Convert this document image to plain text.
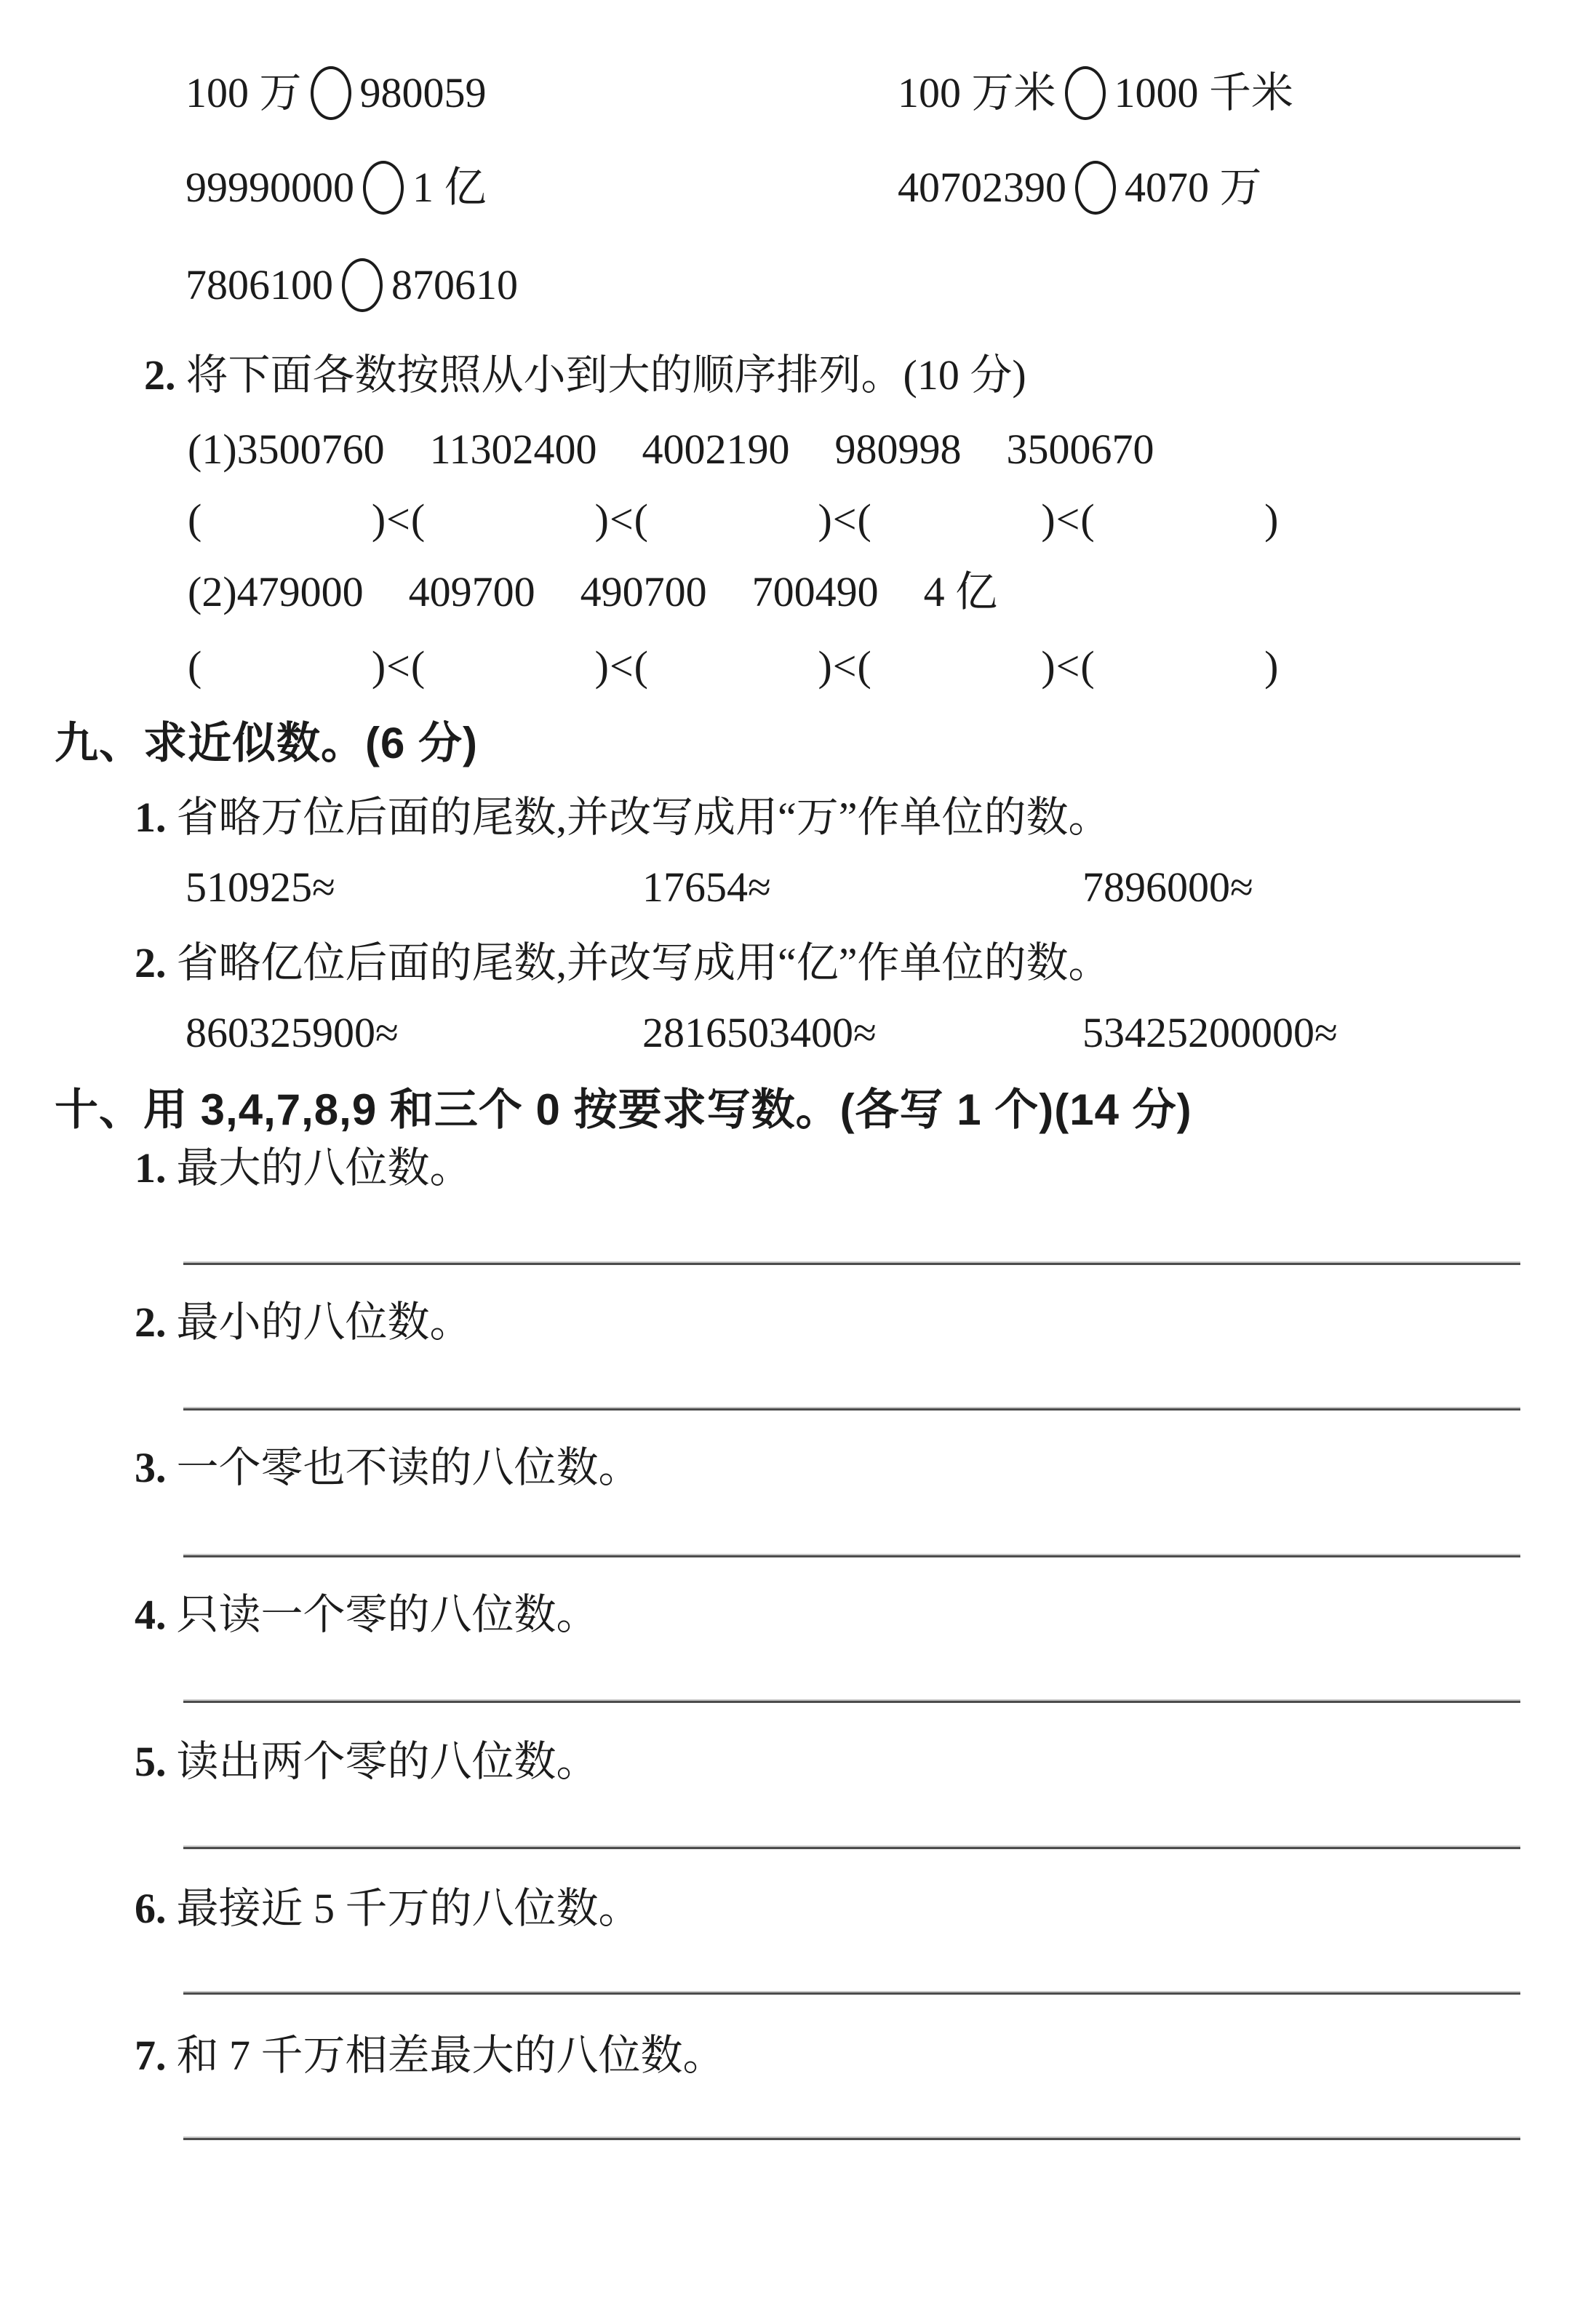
100 万 980059	100 万米 1000 千米
99990000 1 亿	40702390 4070 万
7806100 870610
2. 将下面各数按照从小到大的顺序排列。(10 分)
(1)3500760 11302400 4002190 980998 3500670
(               )<(               )<(               )<(               )<(               )
(2)479000 409700 490700 700490 4 亿
(               )<(               )<(               )<(               )<(               )
九、求近似数。(6 分)
1. 省略万位后面的尾数,并改写成用“万”作单位的数。
510925≈	17654≈	7896000≈
2. 省略亿位后面的尾数,并改写成用“亿”作单位的数。
860325900≈	2816503400≈	53425200000≈
十、用 3,4,7,8,9 和三个 0 按要求写数。(各写 1 个)(14 分)
1. 最大的八位数。
2. 最小的八位数。
3. 一个零也不读的八位数。
4. 只读一个零的八位数。
5. 读出两个零的八位数。
6. 最接近 5 千万的八位数。
7. 和 7 千万相差最大的八位数。
